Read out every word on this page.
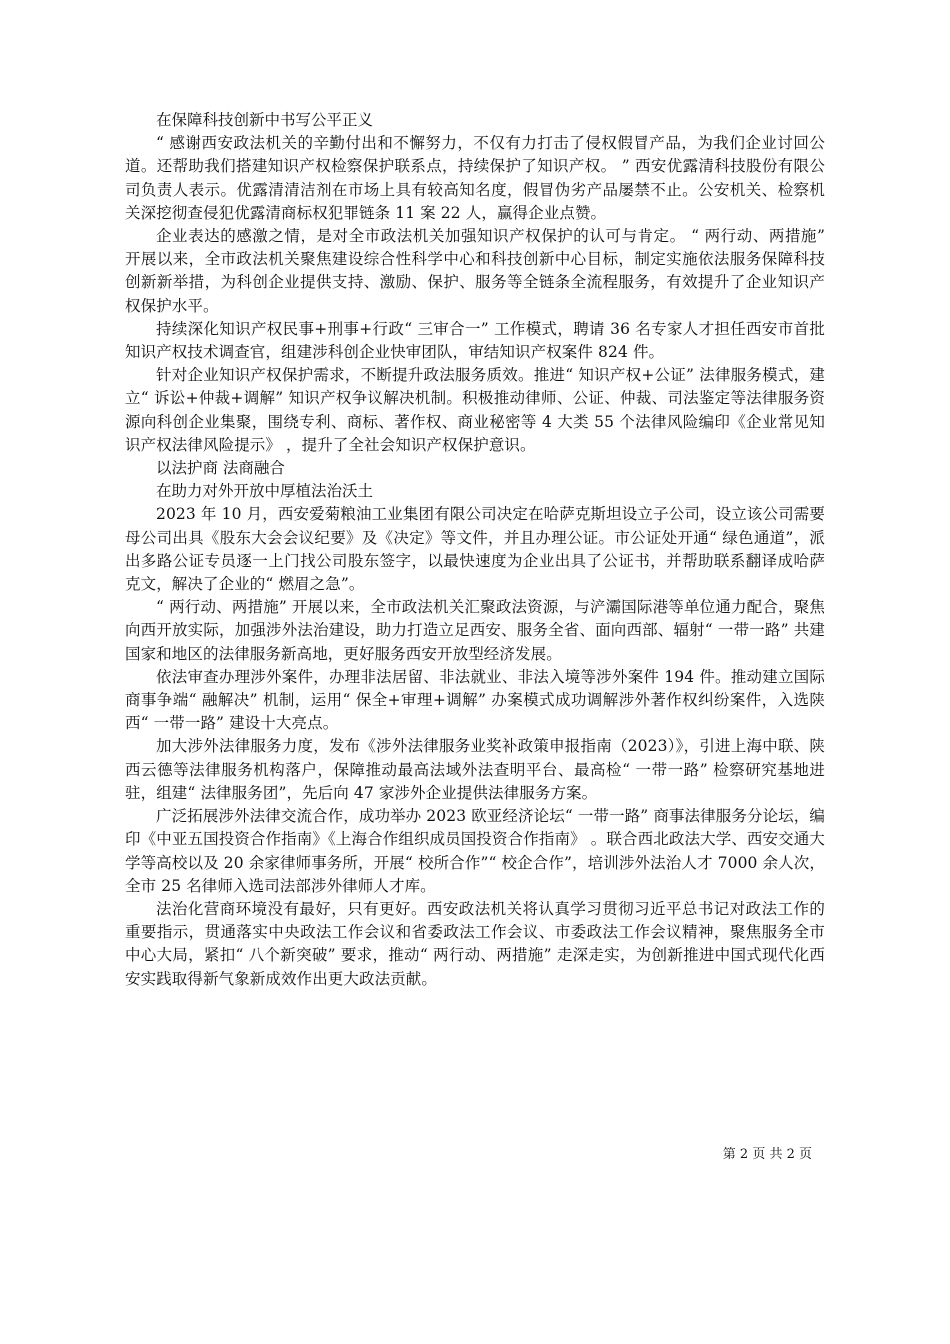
在保障科技创新中书写公平正义

“ 感谢西安政法机关的辛勤付出和不懈努力，不仅有力打击了侵权假冒产品，为我们企业讨回公道。还帮助我们搭建知识产权检察保护联系点，持续保护了知识产权。 ” 西安优露清科技股份有限公司负责人表示。优露清清洁剂在市场上具有较高知名度，假冒伪劣产品屡禁不止。公安机关、检察机关深挖彻查侵犯优露清商标权犯罪链条 11 案 22 人，赢得企业点赞。

企业表达的感激之情，是对全市政法机关加强知识产权保护的认可与肯定。 “ 两行动、两措施” 开展以来，全市政法机关聚焦建设综合性科学中心和科技创新中心目标，制定实施依法服务保障科技创新新举措，为科创企业提供支持、激励、保护、服务等全链条全流程服务，有效提升了企业知识产权保护水平。

持续深化知识产权民事+刑事+行政“ 三审合一” 工作模式，聘请 36 名专家人才担任西安市首批知识产权技术调查官，组建涉科创企业快审团队，审结知识产权案件 824 件。

针对企业知识产权保护需求，不断提升政法服务质效。推进“ 知识产权+公证” 法律服务模式，建立“ 诉讼+仲裁+调解” 知识产权争议解决机制。积极推动律师、公证、仲裁、司法鉴定等法律服务资源向科创企业集聚，围绕专利、商标、著作权、商业秘密等 4 大类 55 个法律风险编印《企业常见知识产权法律风险提示》 ，提升了全社会知识产权保护意识。

以法护商 法商融合

在助力对外开放中厚植法治沃土

2023 年 10 月，西安爱菊粮油工业集团有限公司决定在哈萨克斯坦设立子公司，设立该公司需要母公司出具《股东大会会议纪要》及《决定》等文件，并且办理公证。市公证处开通“ 绿色通道”，派出多路公证专员逐一上门找公司股东签字，以最快速度为企业出具了公证书，并帮助联系翻译成哈萨克文，解决了企业的“ 燃眉之急”。

“ 两行动、两措施” 开展以来，全市政法机关汇聚政法资源，与浐灞国际港等单位通力配合，聚焦向西开放实际，加强涉外法治建设，助力打造立足西安、服务全省、面向西部、辐射“ 一带一路” 共建国家和地区的法律服务新高地，更好服务西安开放型经济发展。

依法审查办理涉外案件，办理非法居留、非法就业、非法入境等涉外案件 194 件。推动建立国际商事争端“ 融解决” 机制，运用“ 保全+审理+调解” 办案模式成功调解涉外著作权纠纷案件，入选陕西“ 一带一路” 建设十大亮点。

加大涉外法律服务力度，发布《涉外法律服务业奖补政策申报指南（2023）》，引进上海中联、陕西云德等法律服务机构落户，保障推动最高法域外法查明平台、最高检“ 一带一路” 检察研究基地进驻，组建“ 法律服务团”，先后向 47 家涉外企业提供法律服务方案。

广泛拓展涉外法律交流合作，成功举办 2023 欧亚经济论坛“ 一带一路” 商事法律服务分论坛，编印《中亚五国投资合作指南》《上海合作组织成员国投资合作指南》 。联合西北政法大学、西安交通大学等高校以及 20 余家律师事务所，开展“ 校所合作”“ 校企合作”，培训涉外法治人才 7000 余人次，全市 25 名律师入选司法部涉外律师人才库。

法治化营商环境没有最好，只有更好。西安政法机关将认真学习贯彻习近平总书记对政法工作的重要指示，贯通落实中央政法工作会议和省委政法工作会议、市委政法工作会议精神，聚焦服务全市中心大局，紧扣“ 八个新突破” 要求，推动“ 两行动、两措施” 走深走实，为创新推进中国式现代化西安实践取得新气象新成效作出更大政法贡献。

第 2 页 共 2 页
